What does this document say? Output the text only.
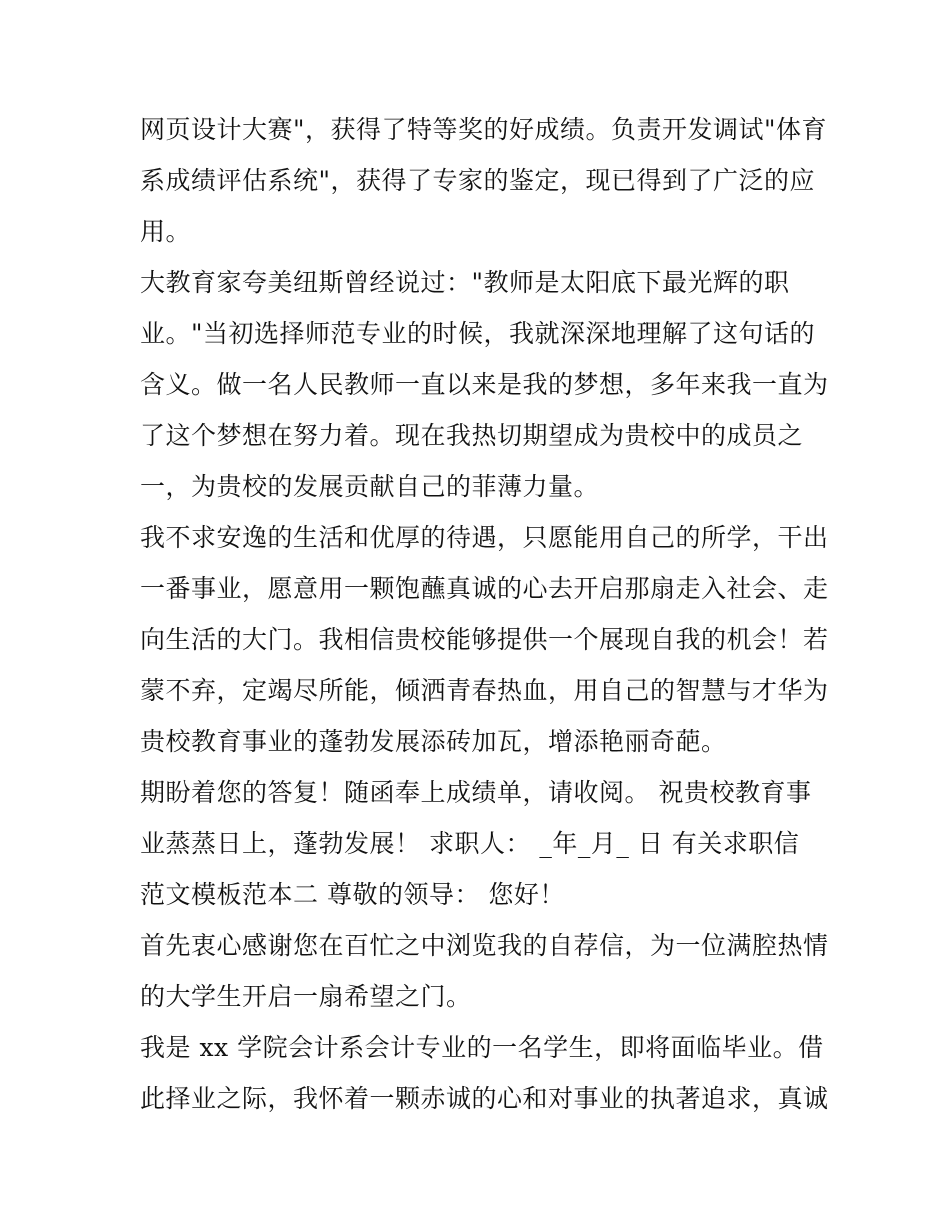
网页设计大赛"，获得了特等奖的好成绩。负责开发调试"体育
系成绩评估系统"，获得了专家的鉴定，现已得到了广泛的应
用。
大教育家夸美纽斯曾经说过："教师是太阳底下最光辉的职
业。"当初选择师范专业的时候，我就深深地理解了这句话的
含义。做一名人民教师一直以来是我的梦想，多年来我一直为
了这个梦想在努力着。现在我热切期望成为贵校中的成员之
一，为贵校的发展贡献自己的菲薄力量。
我不求安逸的生活和优厚的待遇，只愿能用自己的所学，干出
一番事业，愿意用一颗饱蘸真诚的心去开启那扇走入社会、走
向生活的大门。我相信贵校能够提供一个展现自我的机会！若
蒙不弃，定竭尽所能，倾洒青春热血，用自己的智慧与才华为
贵校教育事业的蓬勃发展添砖加瓦，增添艳丽奇葩。
期盼着您的答复！随函奉上成绩单，请收阅。 祝贵校教育事
业蒸蒸日上，蓬勃发展！ 求职人： _年_月_ 日 有关求职信
范文模板范本二 尊敬的领导： 您好！
首先衷心感谢您在百忙之中浏览我的自荐信，为一位满腔热情
的大学生开启一扇希望之门。
我是 xx 学院会计系会计专业的一名学生，即将面临毕业。借
此择业之际，我怀着一颗赤诚的心和对事业的执著追求，真诚
